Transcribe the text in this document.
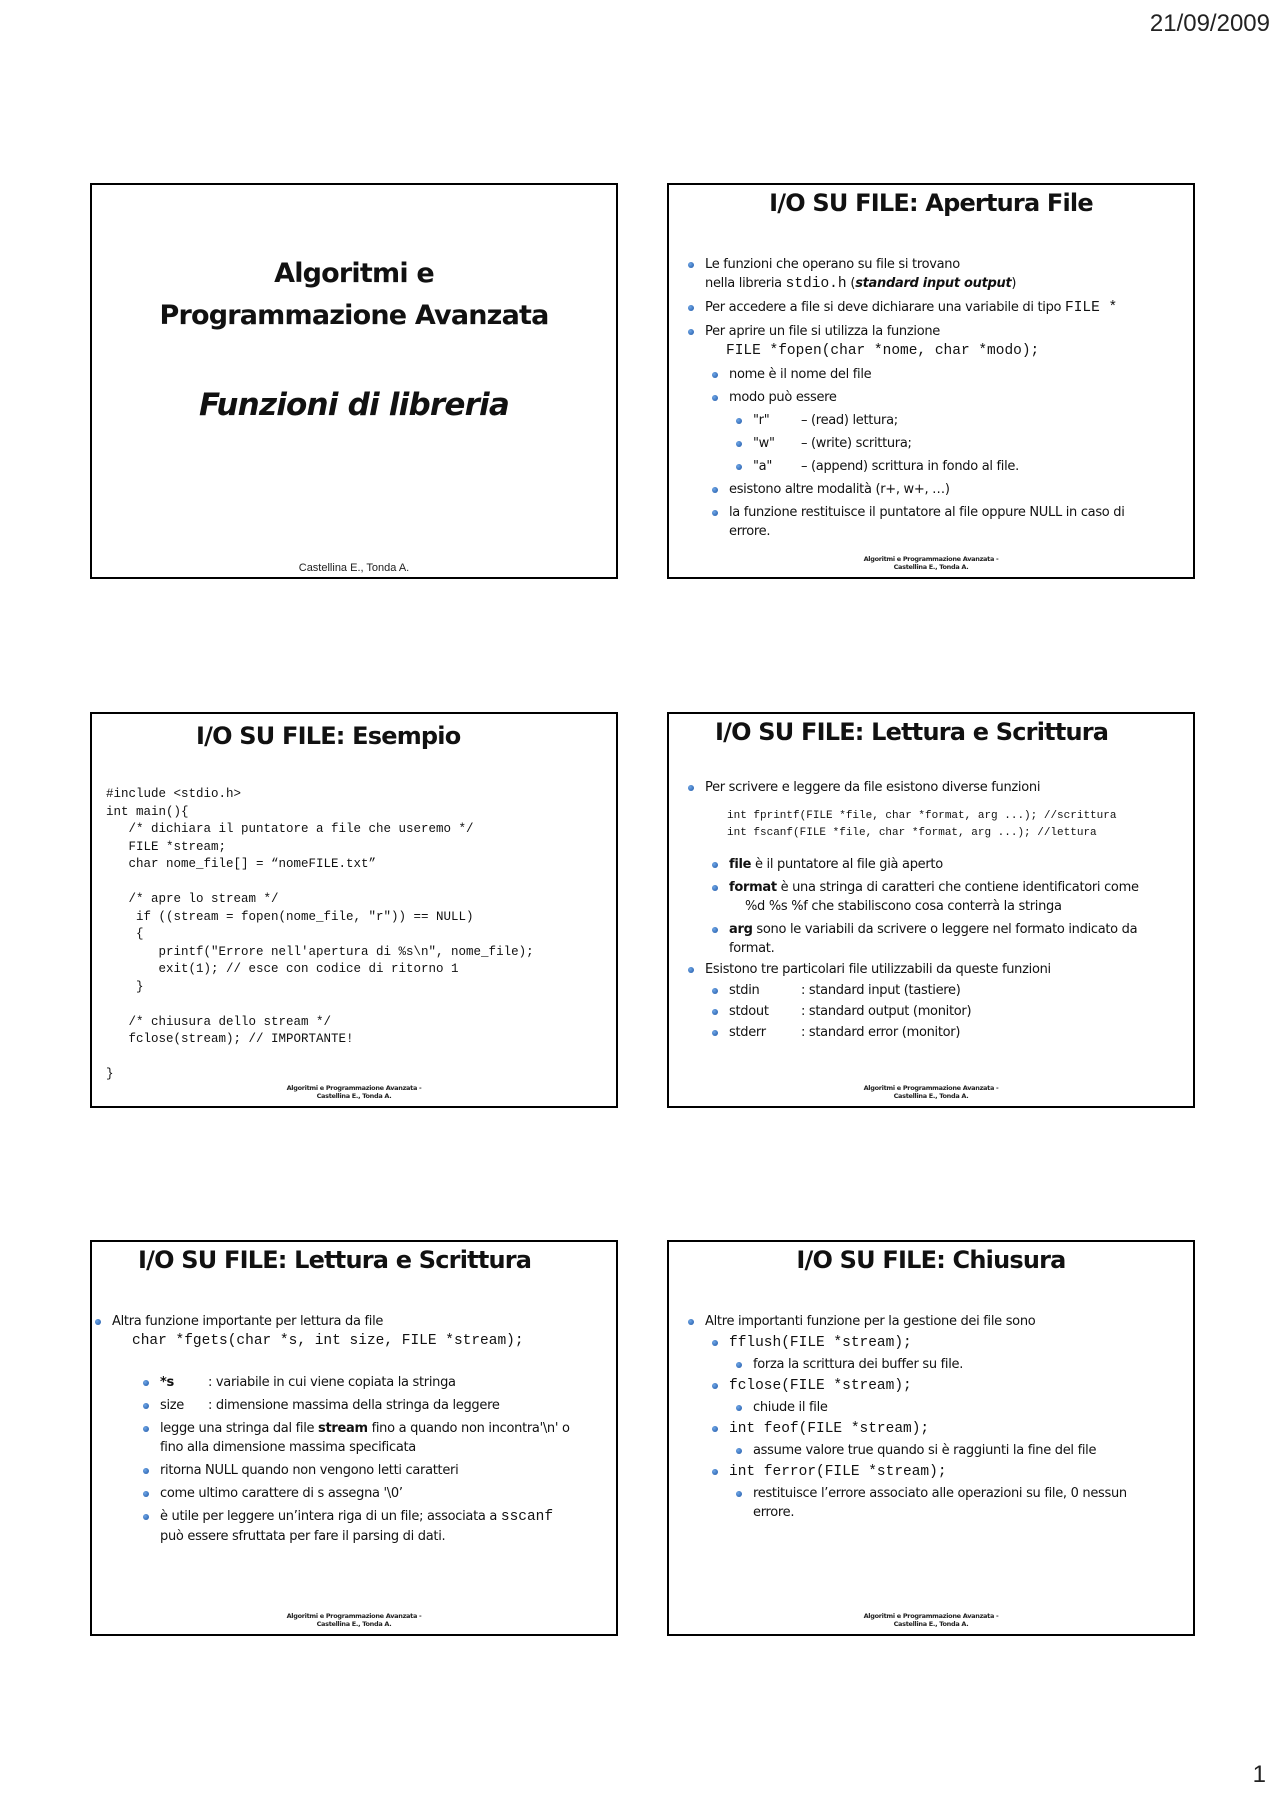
21/09/2009
Algoritmi e
Programmazione Avanzata
Funzioni di libreria
Castellina E., Tonda A.
I/O SU FILE: Apertura File
Le funzioni che operano su file si trovano
nella libreria stdio.h (standard input output)
Per accedere a file si deve dichiarare una variabile di tipo FILE *
Per aprire un file si utilizza la funzione
FILE *fopen(char *nome, char *modo);
nome è il nome del file
modo può essere
"r" – (read) lettura;
"w" – (write) scrittura;
"a" – (append) scrittura in fondo al file.
esistono altre modalità (r+, w+, …)
la funzione restituisce il puntatore al file oppure NULL in caso di
errore.
Algoritmi e Programmazione Avanzata -
Castellina E., Tonda A.
I/O SU FILE: Esempio
#include <stdio.h>
int main(){
/* dichiara il puntatore a file che useremo */
FILE *stream;
char nome_file[] = “nomeFILE.txt”

/* apre lo stream */
if ((stream = fopen(nome_file, "r")) == NULL)
{
printf("Errore nell'apertura di %s\n", nome_file);
exit(1); // esce con codice di ritorno 1
}

/* chiusura dello stream */
fclose(stream); // IMPORTANTE!

}
Algoritmi e Programmazione Avanzata -
Castellina E., Tonda A.
I/O SU FILE: Lettura e Scrittura
Per scrivere e leggere da file esistono diverse funzioni
int fprintf(FILE *file, char *format, arg ...); //scrittura
int fscanf(FILE *file, char *format, arg ...); //lettura
file è il puntatore al file già aperto
format è una stringa di caratteri che contiene identificatori come
%d %s %f che stabiliscono cosa conterrà la stringa
arg sono le variabili da scrivere o leggere nel formato indicato da
format.
Esistono tre particolari file utilizzabili da queste funzioni
stdin	: standard input (tastiere)
stdout : standard output (monitor)
stderr	: standard error (monitor)
Algoritmi e Programmazione Avanzata -
Castellina E., Tonda A.
I/O SU FILE: Lettura e Scrittura
Altra funzione importante per lettura da file
char *fgets(char *s, int size, FILE *stream);
*s	: variabile in cui viene copiata la stringa
size : dimensione massima della stringa da leggere
legge una stringa dal file stream fino a quando non incontra'\n' o
fino alla dimensione massima specificata
ritorna NULL quando non vengono letti caratteri
come ultimo carattere di s assegna '\0’
è utile per leggere un’intera riga di un file; associata a sscanf
può essere sfruttata per fare il parsing di dati.
Algoritmi e Programmazione Avanzata -
Castellina E., Tonda A.
I/O SU FILE: Chiusura
Altre importanti funzione per la gestione dei file sono
fflush(FILE *stream);
forza la scrittura dei buffer su file.
fclose(FILE *stream);
chiude il file
int feof(FILE *stream);
assume valore true quando si è raggiunti la fine del file
int ferror(FILE *stream);
restituisce l’errore associato alle operazioni su file, 0 nessun
errore.
Algoritmi e Programmazione Avanzata -
Castellina E., Tonda A.
1
